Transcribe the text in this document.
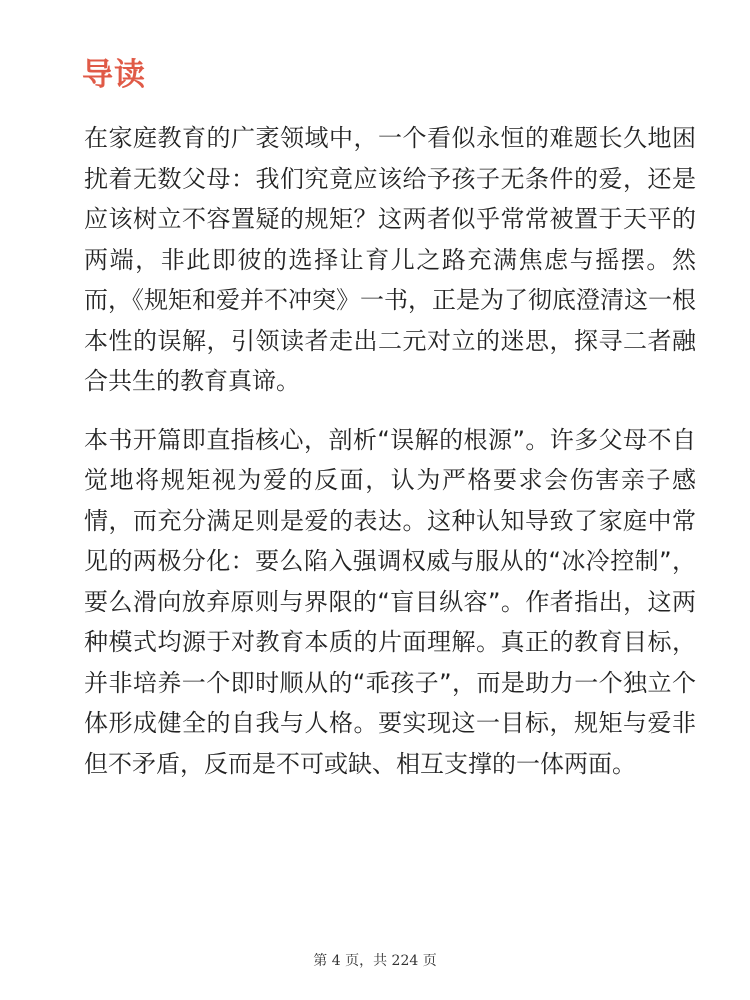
导读

在家庭教育的广袤领域中，一个看似永恒的难题长久地困扰着无数父母：我们究竟应该给予孩子无条件的爱，还是应该树立不容置疑的规矩？这两者似乎常常被置于天平的两端，非此即彼的选择让育儿之路充满焦虑与摇摆。然而，《规矩和爱并不冲突》一书，正是为了彻底澄清这一根本性的误解，引领读者走出二元对立的迷思，探寻二者融合共生的教育真谛。

本书开篇即直指核心，剖析“误解的根源”。许多父母不自觉地将规矩视为爱的反面，认为严格要求会伤害亲子感情，而充分满足则是爱的表达。这种认知导致了家庭中常见的两极分化：要么陷入强调权威与服从的“冰冷控制”，要么滑向放弃原则与界限的“盲目纵容”。作者指出，这两种模式均源于对教育本质的片面理解。真正的教育目标，并非培养一个即时顺从的“乖孩子”，而是助力一个独立个体形成健全的自我与人格。要实现这一目标，规矩与爱非但不矛盾，反而是不可或缺、相互支撑的一体两面。

第 4 页，共 224 页
